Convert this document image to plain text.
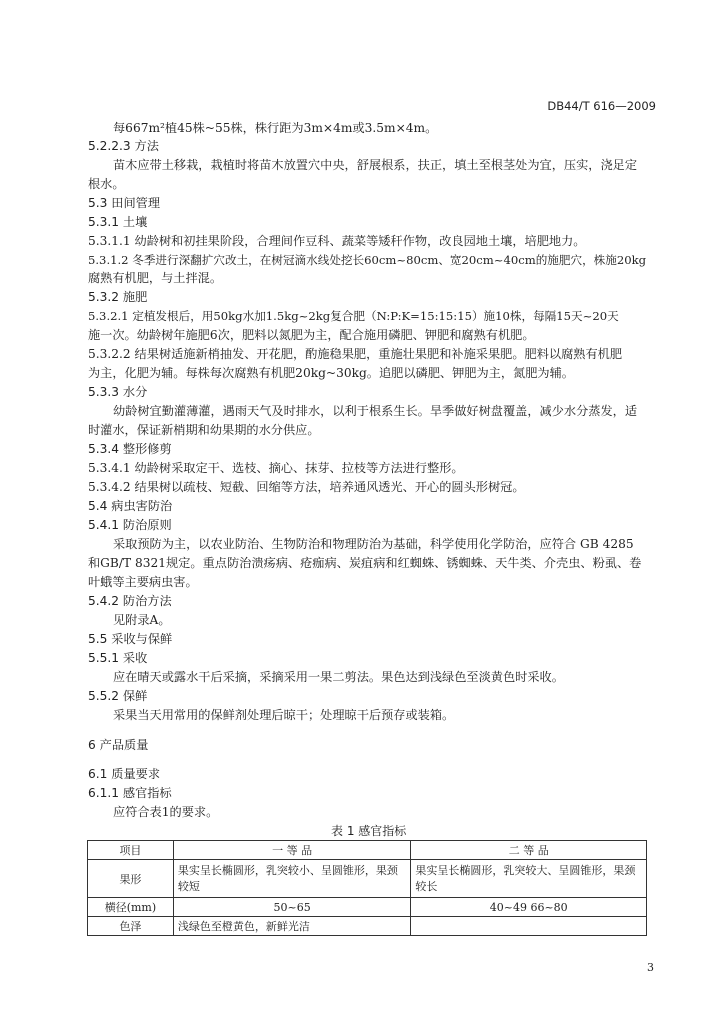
DB44/T 616—2009
每667m²植45株~55株，株行距为3m×4m或3.5m×4m。
5.2.2.3 方法
苗木应带土移栽，栽植时将苗木放置穴中央，舒展根系，扶正，填土至根茎处为宜，压实，浇足定
根水。
5.3 田间管理
5.3.1 土壤
5.3.1.1 幼龄树和初挂果阶段，合理间作豆科、蔬菜等矮秆作物，改良园地土壤，培肥地力。
5.3.1.2 冬季进行深翻扩穴改土，在树冠滴水线处挖长60cm~80cm、宽20cm~40cm的施肥穴，株施20kg
腐熟有机肥，与土拌混。
5.3.2 施肥
5.3.2.1 定植发根后，用50kg水加1.5kg~2kg复合肥（N:P:K=15:15:15）施10株，每隔15天~20天
施一次。幼龄树年施肥6次，肥料以氮肥为主，配合施用磷肥、钾肥和腐熟有机肥。
5.3.2.2 结果树适施新梢抽发、开花肥，酌施稳果肥，重施壮果肥和补施采果肥。肥料以腐熟有机肥
为主，化肥为辅。每株每次腐熟有机肥20kg~30kg。追肥以磷肥、钾肥为主，氮肥为辅。
5.3.3 水分
幼龄树宜勤灌薄灌，遇雨天气及时排水，以利于根系生长。旱季做好树盘覆盖，减少水分蒸发，适
时灌水，保证新梢期和幼果期的水分供应。
5.3.4 整形修剪
5.3.4.1 幼龄树采取定干、选枝、摘心、抹芽、拉枝等方法进行整形。
5.3.4.2 结果树以疏枝、短截、回缩等方法，培养通风透光、开心的圆头形树冠。
5.4 病虫害防治
5.4.1 防治原则
采取预防为主，以农业防治、生物防治和物理防治为基础，科学使用化学防治，应符合 GB 4285
和GB/T 8321规定。重点防治溃疡病、疮痂病、炭疽病和红蜘蛛、锈蜘蛛、天牛类、介壳虫、粉虱、卷
叶蛾等主要病虫害。
5.4.2 防治方法
见附录A。
5.5 采收与保鲜
5.5.1 采收
应在晴天或露水干后采摘，采摘采用一果二剪法。果色达到浅绿色至淡黄色时采收。
5.5.2 保鲜
采果当天用常用的保鲜剂处理后晾干；处理晾干后预存或装箱。
6 产品质量
6.1 质量要求
6.1.1 感官指标
应符合表1的要求。
表 1 感官指标
项目	一 等 品	二 等 品
果形	果实呈长椭圆形，乳突较小、呈圆锥形，果颈较短	果实呈长椭圆形，乳突较大、呈圆锥形，果颈较长
横径(mm)	50~65	40~49 66~80
色泽	浅绿色至橙黄色，新鲜光洁	
3
